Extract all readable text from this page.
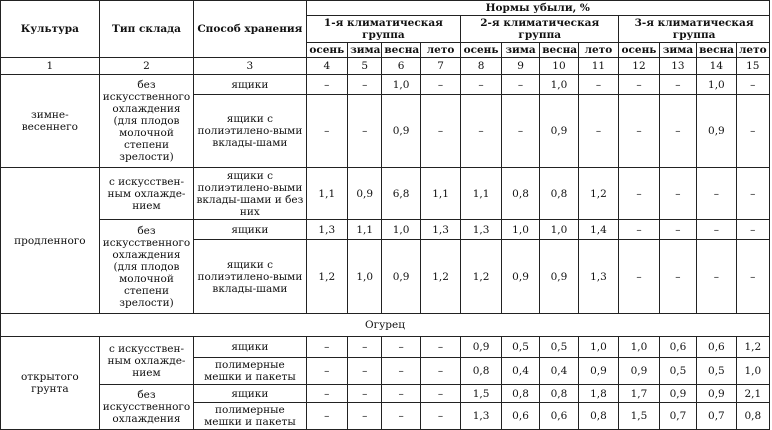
Культура	Тип склада	Способ хранения	Нормы убыли, %											
			1-я климатическая группа				2-я климатическая группа				3-я климатическая группа			
			осень	зима	весна	лето	осень	зима	весна	лето	осень	зима	весна	лето
1	2	3	4	5	6	7	8	9	10	11	12	13	14	15
зимне-весеннего	без искусственного охлаждения (для плодов молочной степени зрелости)	ящики	–	–	1,0	–	–	–	1,0	–	–	–	1,0	–
		ящики с полиэтилено-выми вклады-шами	–	–	0,9	–	–	–	0,9	–	–	–	0,9	–
продленного	с искусствен-ным охлажде-нием	ящики с полиэтилено-выми вклады-шами и без них	1,1	0,9	6,8	1,1	1,1	0,8	0,8	1,2	–	–	–	–
	без искусственного охлаждения (для плодов молочной степени зрелости)	ящики	1,3	1,1	1,0	1,3	1,3	1,0	1,0	1,4	–	–	–	–
		ящики с полиэтилено-выми вклады-шами	1,2	1,0	0,9	1,2	1,2	0,9	0,9	1,3	–	–	–	–
Огурец														
открытого грунта	с искусствен-ным охлажде-нием	ящики	–	–	–	–	0,9	0,5	0,5	1,0	1,0	0,6	0,6	1,2
		полимерные мешки и пакеты	–	–	–	–	0,8	0,4	0,4	0,9	0,9	0,5	0,5	1,0
	без искусственного охлаждения	ящики	–	–	–	–	1,5	0,8	0,8	1,8	1,7	0,9	0,9	2,1
		полимерные мешки и пакеты	–	–	–	–	1,3	0,6	0,6	0,8	1,5	0,7	0,7	0,8
